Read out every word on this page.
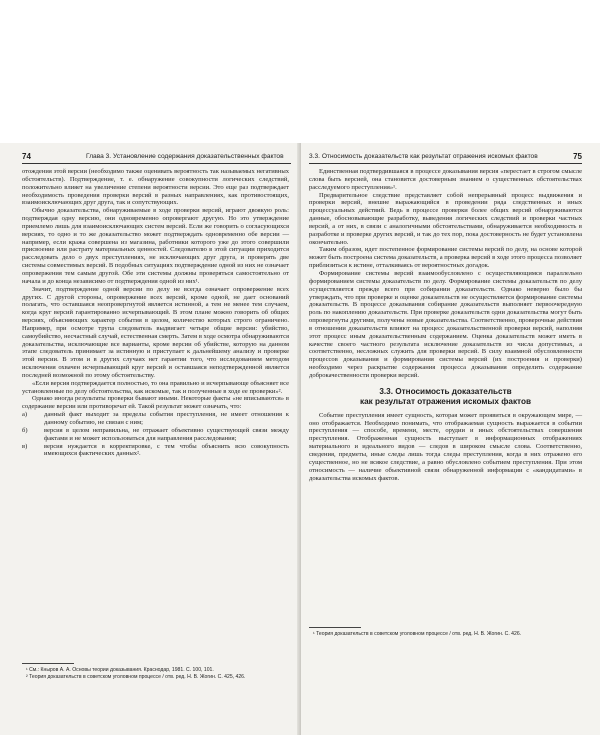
74	Глава 3. Установление содержания доказательственных фактов

отождения этой версии (необходимо также оценивать вероятность так называемых негативных обстоятельств). Подтверждение, т. е. обнаружение совокупности логических следствий, положительно влияет на увеличение степени вероятности версии. Это еще раз подтверждает необходимость проведения проверки версий в разных направлениях, как противостоящих, взаимоисключающих друг друга, так и сопутствующих.

Обычно доказательства, обнаруживаемые в ходе проверки версий, играют двоякую роль: подтверждая одну версию, они одновременно опровергают другую. Но это утверждение приемлемо лишь для взаимоисключающих систем версий. Если же говорить о согласующихся версиях, то одно и то же доказательство может подтверждать одновременно обе версии — например, если кража совершена из магазина, работники которого уже до этого совершили присвоение или растрату материальных ценностей. Следователю в этой ситуации приходится расследовать дело о двух преступлениях, не исключающих друг друга, и проверять две системы совместимых версий. В подобных ситуациях подтверждение одной из них не означает опровержения тем самым другой. Обе эти системы должны проверяться самостоятельно от начала и до конца независимо от подтверждения одной из них¹.

Значит, подтверждение одной версии по делу не всегда означает опровержение всех других. С другой стороны, опровержение всех версий, кроме одной, не дает оснований полагать, что оставшаяся неопровергнутой является истинной, а тем не менее тем случаем, когда круг версий гарантированно исчерпывающий. В этом плане можно говорить об общих версиях, объясняющих характер события в целом, количество которых строго ограничено. Например, при осмотре трупа следователь выдвигает четыре общие версии: убийство, самоубийство, несчастный случай, естественная смерть. Затем в ходе осмотра обнаруживаются доказательства, исключающие все варианты, кроме версии об убийстве, которую на данном этапе следователь принимает за истинную и приступает к дальнейшему анализу и проверке этой версии. В этом и в других случаях нет гарантии того, что исследованием методом исключения охвачен исчерпывающий круг версий и оставшаяся неподтвержденной является последней возможной по этому обстоятельству.

«Если версия подтверждается полностью, то она правильно и исчерпывающе объясняет все установленные по делу обстоятельства, как искомые, так и полученные в ходе ее проверки»².

Однако иногда результаты проверки бывают иными. Некоторые факты «не вписываются» в содержание версии или противоречат ей. Такой результат может означать, что:

а)	данный факт выходит за пределы события преступления, не имеет отношения к данному событию, не связан с ним;
б)	версия в целом неправильна, не отражает объективно существующей связи между фактами и не может использоваться для направления расследования;
в)	версия нуждается в корректировке, с тем чтобы объяснить всю совокупность имеющихся фактических данных².
¹ См.: Кныров А. А. Основы теории доказывания. Краснодар, 1981. С. 100, 101.
² Теория доказательств в советском уголовном процессе / отв. ред. Н. В. Жогин. С. 425, 426.
3.3. Относимость доказательств как результат отражения искомых фактов	75

Единственная подтвердившаяся в процессе доказывания версия «перестает в строгом смысле слова быть версией, она становится достоверным знанием о существенных обстоятельствах расследуемого преступления»¹.

Предварительное следствие представляет собой непрерывный процесс выдвижения и проверки версий, внешне выражающийся в проведении ряда следственных и иных процессуальных действий. Ведь в процессе проверки более общих версий обнаруживаются данные, обосновывающие разработку, выведения логических следствий и проверки частных версий, а от них, в связи с аналогичными обстоятельствами, обнаруживается необходимость в разработке и проверке других версий, и так до тех пор, пока достоверность не будет установлена окончательно.

Таким образом, идет постепенное формирование системы версий по делу, на основе которой может быть построена система доказательств, а проверка версий в ходе этого процесса позволяет приблизиться к истине, отталкиваясь от вероятностных догадок.

Формирование системы версий взаимообусловлено с осуществляющимся параллельно формированием системы доказательств по делу. Формирование системы доказательств по делу осуществляется прежде всего при собирании доказательств. Однако неверно было бы утверждать, что при проверке и оценке доказательств не осуществляется формирование системы доказательств. В процессе доказывания собирание доказательств выполняет первоочередную роль по накоплению доказательств. При проверке доказательств одни доказательства могут быть опровергнуты другими, получены новые доказательства. Соответственно, проверочные действия в отношении доказательств влияют на процесс доказательственной проверки версий, наполняя этот процесс иным доказательственным содержанием. Оценка доказательств может иметь в качестве своего частного результата исключение доказательств из числа допустимых, а соответственно, несложных служить для проверки версий. В силу взаимной обусловленности процессов доказывания и формирования системы версий (их построения и проверки) необходимо через раскрытие содержания процесса доказывания определить содержание доброкачественности проверки версий.

3.3. Относимость доказательств
как результат отражения искомых фактов

Событие преступления имеет сущность, которая может проявиться в окружающем мире, — оно отображается. Необходимо понимать, что отображаемая сущность выражается в событии преступления — способе, времени, месте, орудии и иных обстоятельствах совершения преступления. Отображенная сущность выступает в информационных отображениях материального и идеального видов — следов в широком смысле слова. Соответственно, сведения, предметы, иные следы лишь тогда следы преступления, когда в них отражено его существенное, но не всякое следствие, а равно обусловлено событием преступления. При этом относимость — наличие объективной связи обнаруженной информации с «кандидатами» в доказательства искомых фактов.

¹ Теория доказательств в советском уголовном процессе / отв. ред. Н. В. Жогин. С. 426.
